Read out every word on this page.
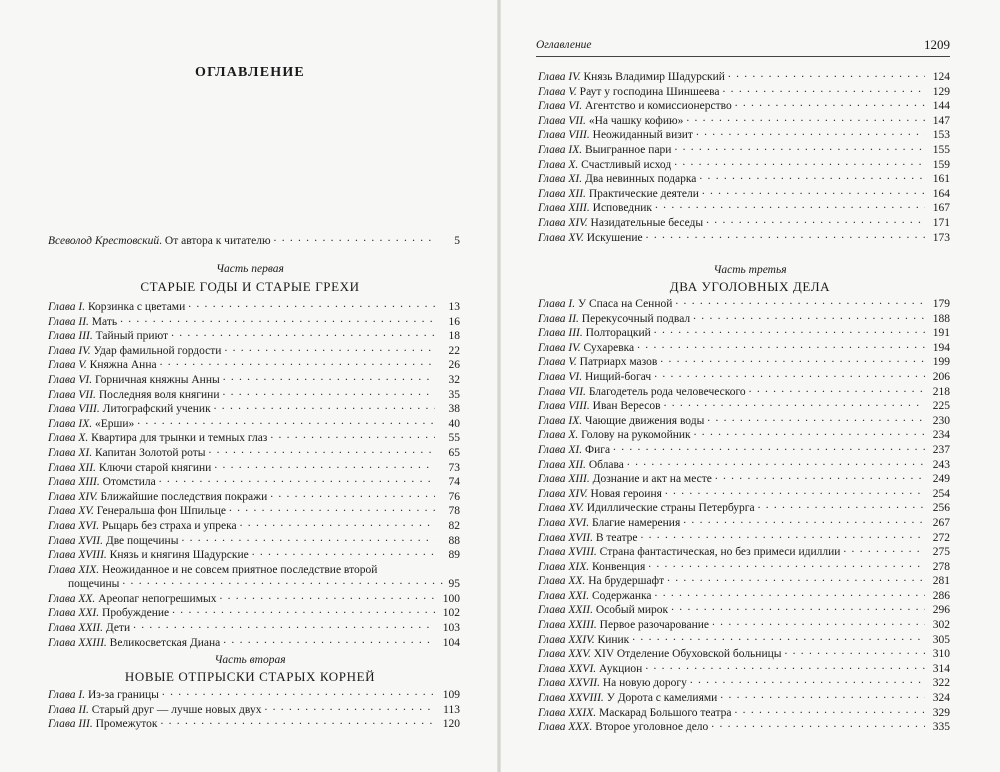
ОГЛАВЛЕНИЕ
Всеволод Крестовский. От автора к читателю . . .	5
Часть первая
СТАРЫЕ ГОДЫ И СТАРЫЕ ГРЕХИ
Глава I. Корзинка с цветами . . .	13
Глава II. Мать . . .	16
Глава III. Тайный приют . . .	18
Глава IV. Удар фамильной гордости . . .	22
Глава V. Княжна Анна . . .	26
Глава VI. Горничная княжны Анны . . .	32
Глава VII. Последняя воля княгини . . .	35
Глава VIII. Литографский ученик . . .	38
Глава IX. «Ерши» . . .	40
Глава X. Квартира для трынки и темных глаз . . .	55
Глава XI. Капитан Золотой роты . . .	65
Глава XII. Ключи старой княгини . . .	73
Глава XIII. Отомстила . . .	74
Глава XIV. Ближайшие последствия покражи . . .	76
Глава XV. Генеральша фон Шпильце . . .	78
Глава XVI. Рыцарь без страха и упрека . . .	82
Глава XVII. Две пощечины . . .	88
Глава XVIII. Князь и княгиня Шадурские . . .	89
Глава XIX. Неожиданное и не совсем приятное последствие второй
пощечины . . .	95
Глава XX. Ареопаг непогрешимых . . .	100
Глава XXI. Пробуждение . . .	102
Глава XXII. Дети . . .	103
Глава XXIII. Великосветская Диана . . .	104
Часть вторая
НОВЫЕ ОТПРЫСКИ СТАРЫХ КОРНЕЙ
Глава I. Из-за границы . . .	109
Глава II. Старый друг — лучше новых двух . . .	113
Глава III. Промежуток . . .	120
Оглавление	1209
Глава IV. Князь Владимир Шадурский . . .	124
Глава V. Раут у господина Шиншеева . . .	129
Глава VI. Агентство и комиссионерство . . .	144
Глава VII. «На чашку кофию» . . .	147
Глава VIII. Неожиданный визит . . .	153
Глава IX. Выигранное пари . . .	155
Глава X. Счастливый исход . . .	159
Глава XI. Два невинных подарка . . .	161
Глава XII. Практические деятели . . .	164
Глава XIII. Исповедник . . .	167
Глава XIV. Назидательные беседы . . .	171
Глава XV. Искушение . . .	173
Часть третья
ДВА УГОЛОВНЫХ ДЕЛА
Глава I. У Спаса на Сенной . . .	179
Глава II. Перекусочный подвал . . .	188
Глава III. Полторацкий . . .	191
Глава IV. Сухаревка . . .	194
Глава V. Патриарх мазов . . .	199
Глава VI. Нищий-богач . . .	206
Глава VII. Благодетель рода человеческого . . .	218
Глава VIII. Иван Вересов . . .	225
Глава IX. Чающие движения воды . . .	230
Глава X. Голову на рукомойник . . .	234
Глава XI. Фига . . .	237
Глава XII. Облава . . .	243
Глава XIII. Дознание и акт на месте . . .	249
Глава XIV. Новая героиня . . .	254
Глава XV. Идиллические страны Петербурга . . .	256
Глава XVI. Благие намерения . . .	267
Глава XVII. В театре . . .	272
Глава XVIII. Страна фантастическая, но без примеси идиллии . . .	275
Глава XIX. Конвенция . . .	278
Глава XX. На брудершафт . . .	281
Глава XXI. Содержанка . . .	286
Глава XXII. Особый мирок . . .	296
Глава XXIII. Первое разочарование . . .	302
Глава XXIV. Киник . . .	305
Глава XXV. XIV Отделение Обуховской больницы . . .	310
Глава XXVI. Аукцион . . .	314
Глава XXVII. На новую дорогу . . .	322
Глава XXVIII. У Дорота с камелиями . . .	324
Глава XXIX. Маскарад Большого театра . . .	329
Глава XXX. Второе уголовное дело . . .	335
